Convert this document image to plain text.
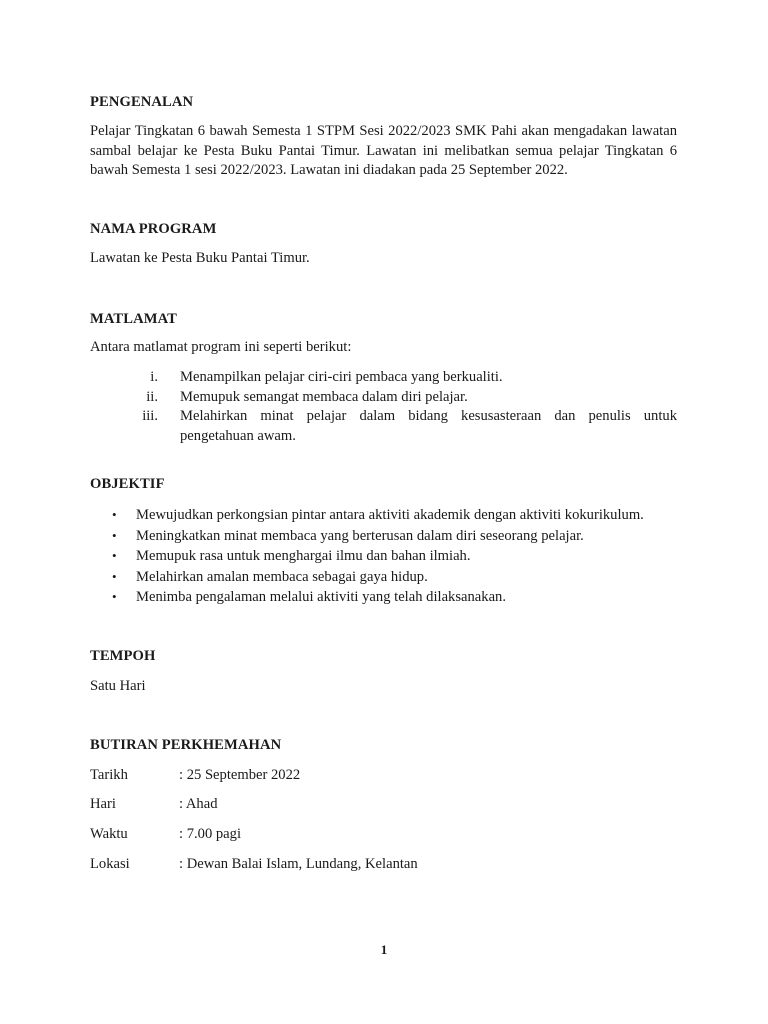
PENGENALAN

Pelajar Tingkatan 6 bawah Semesta 1 STPM Sesi 2022/2023 SMK Pahi akan mengadakan lawatan sambal belajar ke Pesta Buku Pantai Timur. Lawatan ini melibatkan semua pelajar Tingkatan 6 bawah Semesta 1 sesi 2022/2023. Lawatan ini diadakan pada 25 September 2022.

NAMA PROGRAM

Lawatan ke Pesta Buku Pantai Timur.

MATLAMAT

Antara matlamat program ini seperti berikut:

i. Menampilkan pelajar ciri-ciri pembaca yang berkualiti.
ii. Memupuk semangat membaca dalam diri pelajar.
iii. Melahirkan minat pelajar dalam bidang kesusasteraan dan penulis untuk pengetahuan awam.

OBJEKTIF

• Mewujudkan perkongsian pintar antara aktiviti akademik dengan aktiviti kokurikulum.
• Meningkatkan minat membaca yang berterusan dalam diri seseorang pelajar.
• Memupuk rasa untuk menghargai ilmu dan bahan ilmiah.
• Melahirkan amalan membaca sebagai gaya hidup.
• Menimba pengalaman melalui aktiviti yang telah dilaksanakan.

TEMPOH

Satu Hari

BUTIRAN PERKHEMAHAN

Tarikh	: 25 September 2022
Hari	: Ahad
Waktu	: 7.00 pagi
Lokasi	: Dewan Balai Islam, Lundang, Kelantan
1
